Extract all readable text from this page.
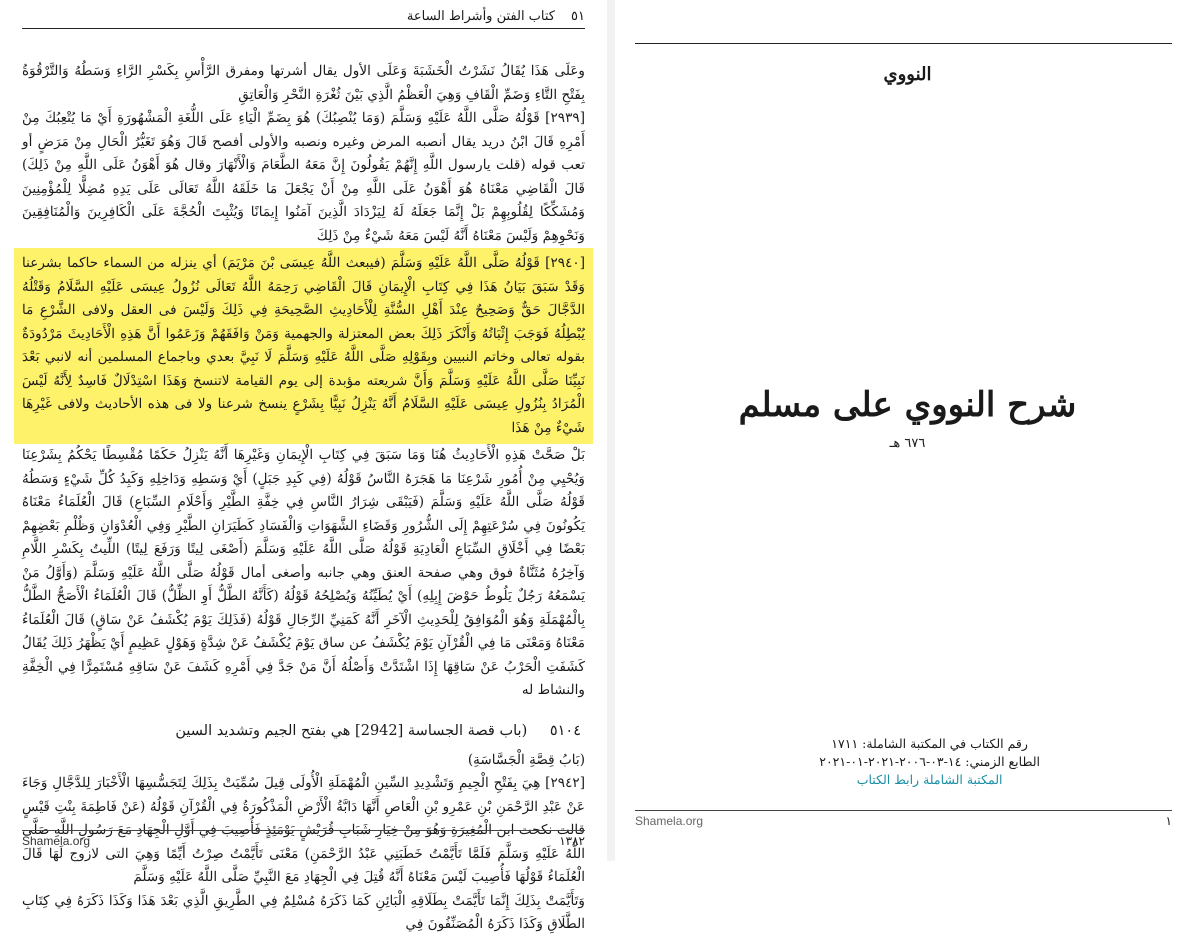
٥١
كتاب الفتن وأشراط الساعة

وعَلَى هَذَا يُقَالُ نَشَرْتُ الْخَشَبَةَ وَعَلَى الأول يقال أشرتها ومفرق الرَّأْسِ بِكَسْرِ الرَّاءِ وَسَطُهُ وَالتَّرْقُوَةُ بِفَتْحِ التَّاءِ وَضَمِّ الْقَافِ وَهِيَ الْعَظْمُ الَّذِي بَيْنَ ثُغْرَةِ النَّحْرِ وَالْعَاتِقِ

[٢٩٣٩] قَوْلُهُ صَلَّى اللَّهُ عَلَيْهِ وَسَلَّمَ (وَمَا يُنْصِبُكَ) هُوَ بِضَمِّ الْيَاءِ عَلَى اللُّغَةِ الْمَشْهُورَةِ أَيْ مَا يُتْعِبُكَ مِنْ أَمْرِهِ قَالَ ابْنُ دريد يقال أنصبه المرض وغيره ونصبه والأولى أفصح قَالَ وَهُوَ تَغَيُّرُ الْحَالِ مِنْ مَرَضٍ أو تعب قوله (قلت يارسول اللَّهِ إِنَّهُمْ يَقُولُونَ إِنَّ مَعَهُ الطَّعَامَ وَالْأَنْهَارَ وقال هُوَ أَهْوَنُ عَلَى اللَّهِ مِنْ ذَلِكَ) قَالَ الْقَاضِي مَعْنَاهُ هُوَ أَهْوَنُ عَلَى اللَّهِ مِنْ أَنْ يَجْعَلَ مَا خَلَقَهُ اللَّهُ تَعَالَى عَلَى يَدِهِ مُضِلًّا لِلْمُؤْمِنِينَ وَمُشَكِّكًا لِقُلُوبِهِمْ بَلْ إِنَّمَا جَعَلَهُ لَهُ لِيَزْدَادَ الَّذِينَ آمَنُوا إِيمَانًا وَيُثْبِتَ الْحُجَّةَ عَلَى الْكَافِرِينَ وَالْمُنَافِقِينَ وَنَحْوِهِمْ وَلَيْسَ مَعْنَاهُ أَنَّهُ لَيْسَ مَعَهُ شَيْءٌ مِنْ ذَلِكَ

[٢٩٤٠] قَوْلُهُ صَلَّى اللَّهُ عَلَيْهِ وَسَلَّمَ (فيبعث اللَّهُ عِيسَى بْنَ مَرْيَمَ) أي ينزله من السماء حاكما بشرعنا وَقَدْ سَبَقَ بَيَانُ هَذَا فِي كِتَابِ الْإِيمَانِ قَالَ الْقَاضِي رَحِمَهُ اللَّهُ تَعَالَى نُزُولُ عِيسَى عَلَيْهِ السَّلَامُ وَقَتْلُهُ الدَّجَّالَ حَقٌّ وَصَحِيحٌ عِنْدَ أَهْلِ السُّنَّةِ لِلْأَحَادِيثِ الصَّحِيحَةِ فِي ذَلِكَ وَلَيْسَ فى العقل ولافى الشَّرْعِ مَا يُبْطِلُهُ فَوَجَبَ إِثْبَاتُهُ وَأَنْكَرَ ذَلِكَ بعض المعتزلة والجهمية وَمَنْ وَافَقَهُمْ وَزَعَمُوا أَنَّ هَذِهِ الْأَحَادِيثَ مَرْدُودَةٌ بقوله تعالى وخاتم النبيين وبِقَوْلِهِ صَلَّى اللَّهُ عَلَيْهِ وَسَلَّمَ لَا نَبِيَّ بعدي وباجماع المسلمين أنه لانبي بَعْدَ نَبِيِّنَا صَلَّى اللَّهُ عَلَيْهِ وَسَلَّمَ وَأَنَّ شريعته مؤبدة إلى يوم القيامة لاتنسخ وَهَذَا اسْتِدْلَالٌ فَاسِدٌ لِأَنَّهُ لَيْسَ الْمُرَادُ بِنُزُولِ عِيسَى عَلَيْهِ السَّلَامُ أَنَّهُ يَنْزِلُ نَبِيًّا بِشَرْعٍ ينسخ شرعنا ولا فى هذه الأحاديث ولافى غَيْرِهَا شَيْءٌ مِنْ هَذَا

بَلْ صَحَّتْ هَذِهِ الْأَحَادِيثُ هُنَا وَمَا سَبَقَ فِي كِتَابِ الْإِيمَانِ وَغَيْرِهَا أَنَّهُ يَنْزِلُ حَكَمًا مُقْسِطًا يَحْكُمُ بِشَرْعِنَا وَيُحْيِي مِنْ أُمُورِ شَرْعِنَا مَا هَجَرَهُ النَّاسُ قَوْلُهُ (فِي كَبِدِ جَبَلٍ) أَيْ وَسَطِهِ وَدَاخِلِهِ وَكَبِدُ كُلِّ شَيْءٍ وَسَطُهُ قَوْلُهُ صَلَّى اللَّهُ عَلَيْهِ وَسَلَّمَ (فَيَبْقَى شِرَارُ النَّاسِ فِي خِفَّةِ الطَّيْرِ وَأَحْلَامِ السِّبَاعِ) قَالَ الْعُلَمَاءُ مَعْنَاهُ يَكُونُونَ فِي سُرْعَتِهِمْ إِلَى الشُّرُورِ وَقَضَاءِ الشَّهَوَاتِ وَالْفَسَادِ كَطَيَرَانِ الطَّيْرِ وَفِي الْعُدْوَانِ وَظُلْمِ بَعْضِهِمْ بَعْضًا فِي أَخْلَاقِ السِّبَاعِ الْعَادِيَةِ قَوْلُهُ صَلَّى اللَّهُ عَلَيْهِ وَسَلَّمَ (أَصْغَى لِيتًا وَرَفَعَ لِيتًا) اللِّيتُ بِكَسْرِ اللَّامِ وَآخِرُهُ مُثَنَّاةٌ فوق وهي صفحة العنق وهي جانبه وأصغى أمال قَوْلُهُ صَلَّى اللَّهُ عَلَيْهِ وَسَلَّمَ (وَأَوَّلُ مَنْ يَسْمَعُهُ رَجُلٌ يَلُوطُ حَوْضَ إِبِلِهِ) أَيْ يُطَيِّنُهُ وَيُصْلِحُهُ قَوْلُهُ (كَأَنَّهُ الطَّلُّ أَوِ الظِّلُّ) قَالَ الْعُلَمَاءُ الْأَصَحُّ الطَّلُّ بِالْمُهْمَلَةِ وَهُوَ الْمُوَافِقُ لِلْحَدِيثِ الْآخَرِ أَنَّهُ كَمَنِيِّ الرِّجَالِ قَوْلُهُ (فَذَلِكَ يَوْمَ يُكْشَفُ عَنْ سَاقٍ) قَالَ الْعُلَمَاءُ مَعْنَاهُ وَمَعْنَى مَا فِي الْقُرْآنِ يَوْمَ يُكْشَفُ عن ساق يَوْمَ يُكْشَفُ عَنْ شِدَّةٍ وَهَوْلٍ عَظِيمٍ أَيْ يَظْهَرُ ذَلِكَ يُقَالُ كَشَفَتِ الْحَرْبُ عَنْ سَاقِهَا إِذَا اشْتَدَّتْ وَأَصْلُهُ أَنَّ مَنْ جَدَّ فِي أَمْرِهِ كَشَفَ عَنْ سَاقِهِ مُسْتَمِرًّا فِي الْخِفَّةِ والنشاط له

٥١٠٤ (باب قصة الجساسة [2942] هي بفتح الجيم وتشديد السين

(بَابُ قِصَّةِ الْجَسَّاسَةِ)

[٢٩٤٢] هِيَ بِفَتْحِ الْجِيمِ وَتَشْدِيدِ السِّينِ الْمُهْمَلَةِ الْأُولَى قِيلَ سُمِّيَتْ بِذَلِكَ لِتَجَسُّسِهَا الْأَخْبَارَ لِلدَّجَّالِ وَجَاءَ عَنْ عَبْدِ الرَّحْمَنِ بْنِ عَمْرِو بْنِ الْعَاصِ أَنَّهَا دَابَّةُ الْأَرْضِ الْمَذْكُورَةُ فِي الْقُرْآنِ قَوْلُهُ (عَنْ فَاطِمَةَ بِنْتِ قَيْسٍ قالت نكحت ابن الْمُغِيرَةِ وَهُوَ مِنْ خِيَارِ شَبَابِ قُرَيْشٍ يَوْمَئِذٍ فَأُصِيبَ فِي أَوَّلِ الْجِهَادِ مَعَ رَسُولِ اللَّهِ صَلَّى اللَّهُ عَلَيْهِ وَسَلَّمَ فَلَمَّا تَأَيَّمْتُ خَطَبَنِي عَبْدُ الرَّحْمَنِ) مَعْنَى تَأَيَّمْتُ صِرْتُ أَيِّمًا وَهِيَ التى لازوج لَهَا قَالَ الْعُلَمَاءُ قَوْلُهَا فَأُصِيبَ لَيْسَ مَعْنَاهُ أَنَّهُ قُتِلَ فِي الْجِهَادِ مَعَ النَّبِيِّ صَلَّى اللَّهُ عَلَيْهِ وَسَلَّمَ

وَتَأَيَّمَتْ بِذَلِكَ إِنَّمَا تَأَيَّمَتْ بِطَلَاقِهِ الْبَائِنِ كَمَا ذَكَرَهُ مُسْلِمٌ فِي الطَّرِيقِ الَّذِي بَعْدَ هَذَا وَكَذَا ذَكَرَهُ فِي كِتَابِ الطَّلَاقِ وَكَذَا ذَكَرَهُ الْمُصَنِّفُونَ فِي

Shamela.org	١٣٨٢
النووي
شرح النووي على مسلم
٦٧٦ هـ
رقم الكتاب في المكتبة الشاملة: ١٧١١
الطابع الزمني: ١٤-٠٣-٢٠٠٦-٢٠٢١-٠١-٢٠٢١
المكتبة الشاملة رابط الكتاب
Shamela.org	١
